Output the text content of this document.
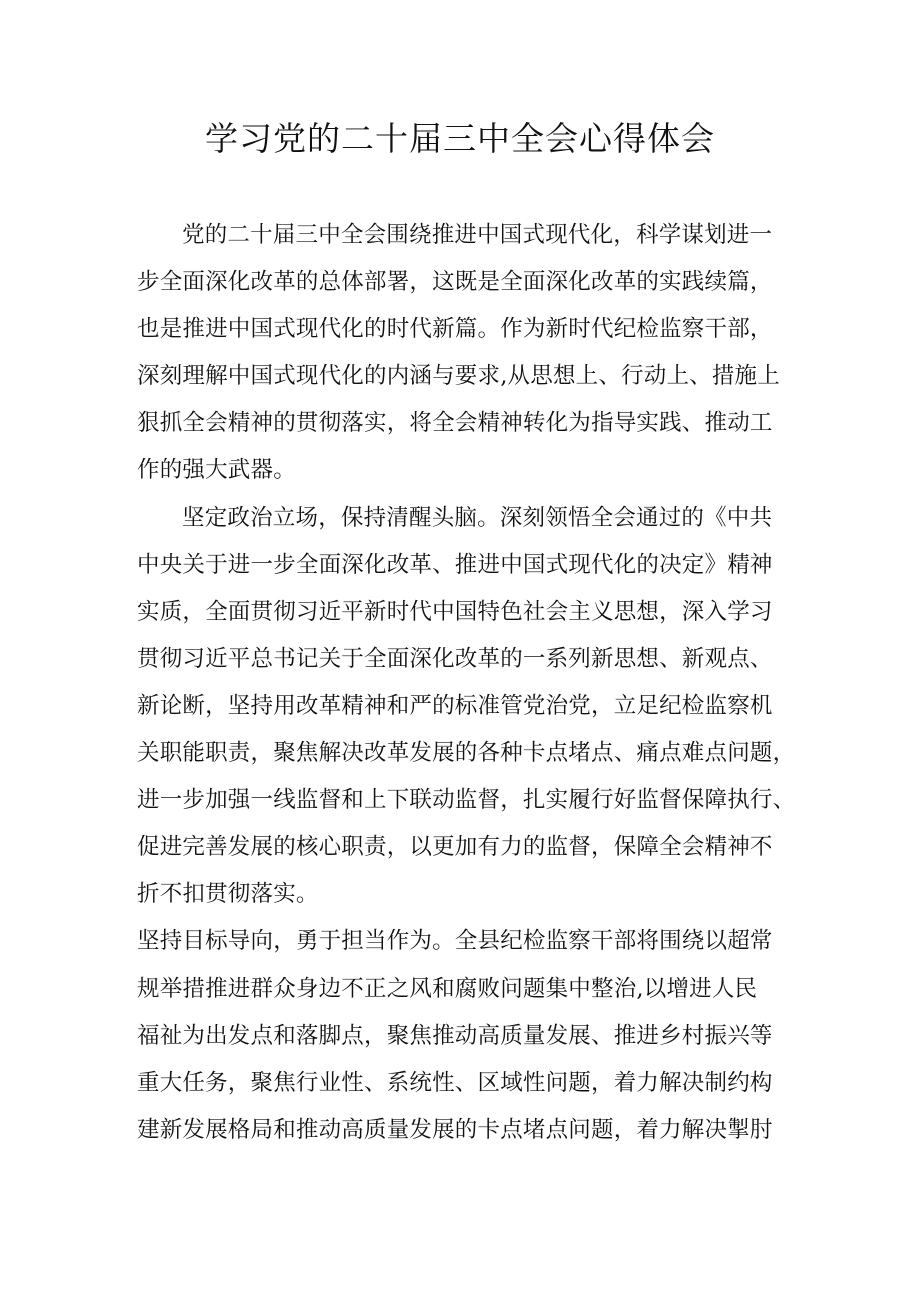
学习党的二十届三中全会心得体会
党的二十届三中全会围绕推进中国式现代化，科学谋划进一
步全面深化改革的总体部署，这既是全面深化改革的实践续篇，
也是推进中国式现代化的时代新篇。作为新时代纪检监察干部，
深刻理解中国式现代化的内涵与要求,从思想上、行动上、措施上
狠抓全会精神的贯彻落实，将全会精神转化为指导实践、推动工
作的强大武器。
坚定政治立场，保持清醒头脑。深刻领悟全会通过的《中共
中央关于进一步全面深化改革、推进中国式现代化的决定》精神
实质，全面贯彻习近平新时代中国特色社会主义思想，深入学习
贯彻习近平总书记关于全面深化改革的一系列新思想、新观点、
新论断，坚持用改革精神和严的标准管党治党，立足纪检监察机
关职能职责，聚焦解决改革发展的各种卡点堵点、痛点难点问题，
进一步加强一线监督和上下联动监督，扎实履行好监督保障执行、
促进完善发展的核心职责，以更加有力的监督，保障全会精神不
折不扣贯彻落实。
坚持目标导向，勇于担当作为。全县纪检监察干部将围绕以超常
规举措推进群众身边不正之风和腐败问题集中整治,以增进人民
福祉为出发点和落脚点，聚焦推动高质量发展、推进乡村振兴等
重大任务，聚焦行业性、系统性、区域性问题，着力解决制约构
建新发展格局和推动高质量发展的卡点堵点问题，着力解决掣肘
